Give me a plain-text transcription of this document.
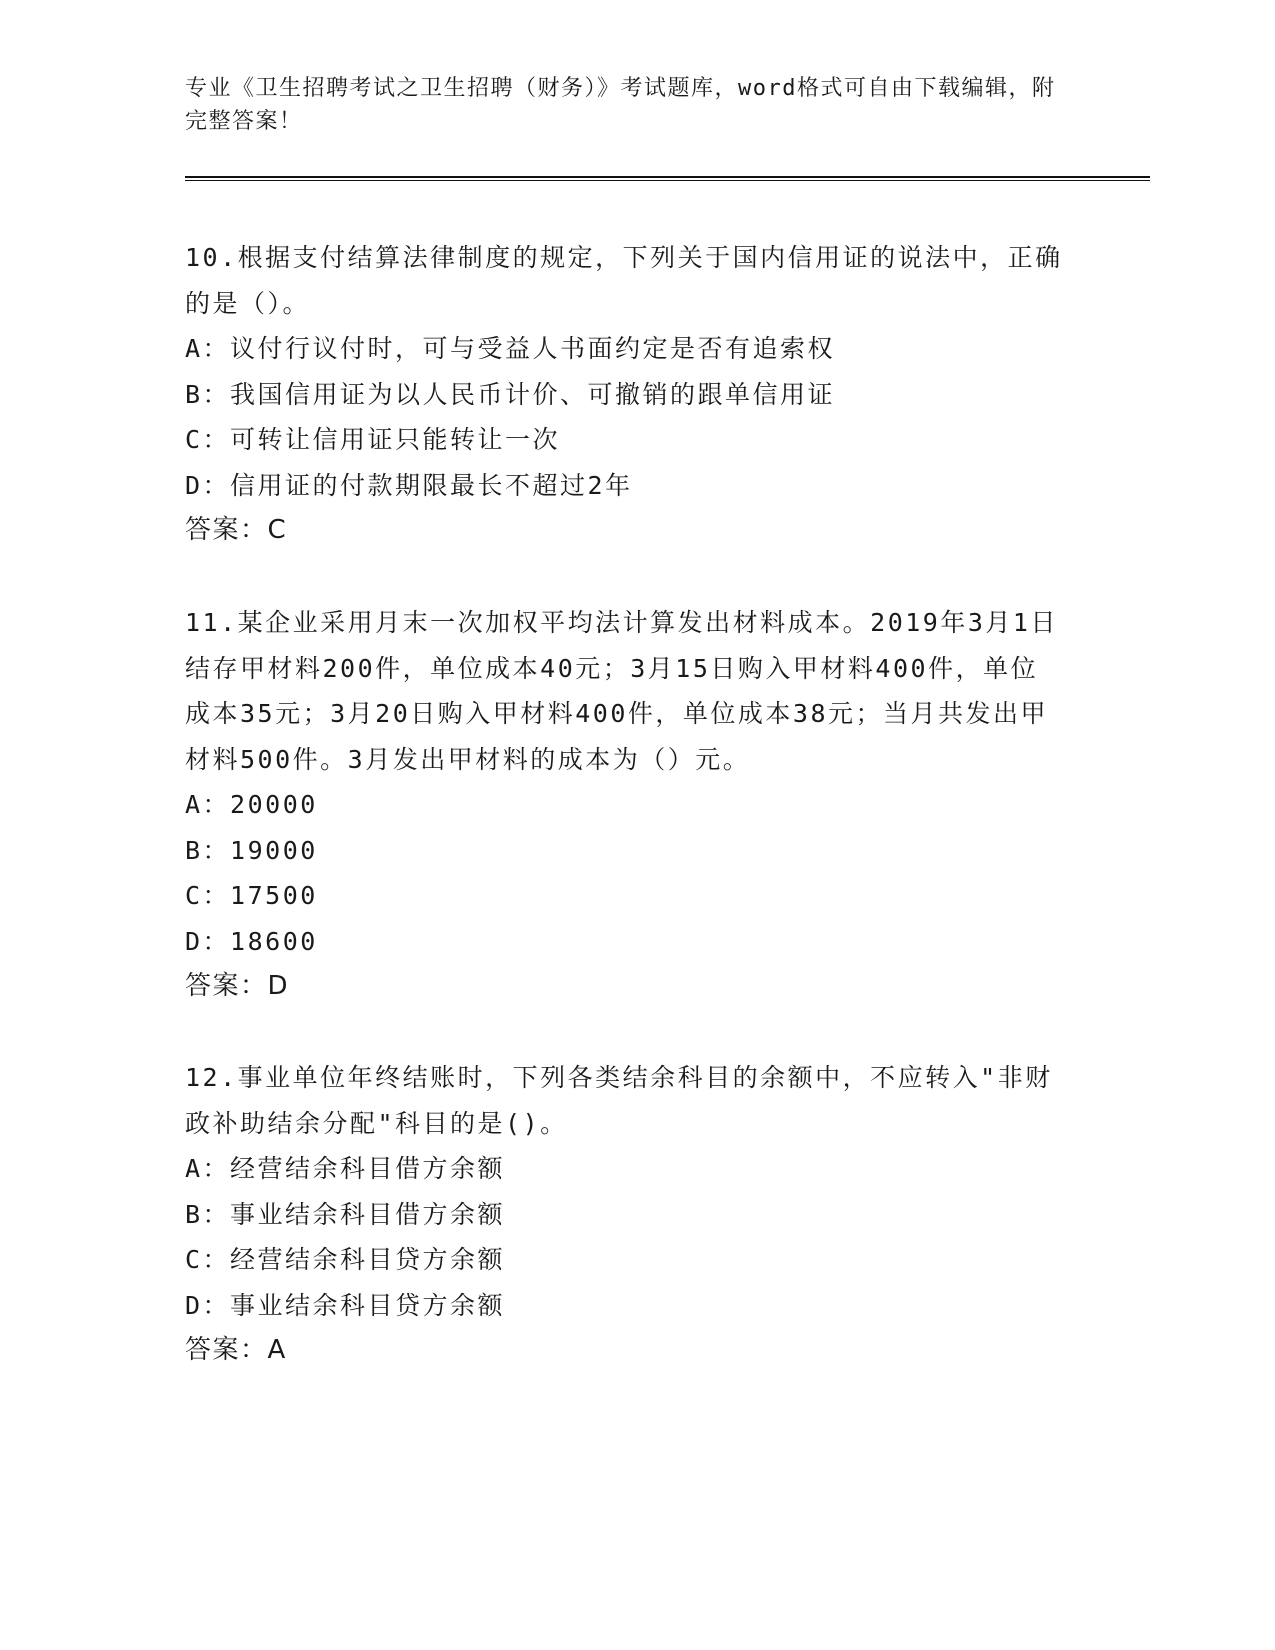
专业《卫生招聘考试之卫生招聘（财务）》考试题库，word格式可自由下载编辑，附完整答案！

10.根据支付结算法律制度的规定，下列关于国内信用证的说法中，正确的是（）。

A：议付行议付时，可与受益人书面约定是否有追索权

B：我国信用证为以人民币计价、可撤销的跟单信用证

C：可转让信用证只能转让一次

D：信用证的付款期限最长不超过2年

答案：C

11.某企业采用月末一次加权平均法计算发出材料成本。2019年3月1日结存甲材料200件，单位成本40元；3月15日购入甲材料400件，单位成本35元；3月20日购入甲材料400件，单位成本38元；当月共发出甲材料500件。3月发出甲材料的成本为（）元。

A：20000

B：19000

C：17500

D：18600

答案：D

12.事业单位年终结账时，下列各类结余科目的余额中，不应转入"非财政补助结余分配"科目的是()。

A：经营结余科目借方余额

B：事业结余科目借方余额

C：经营结余科目贷方余额

D：事业结余科目贷方余额

答案：A
